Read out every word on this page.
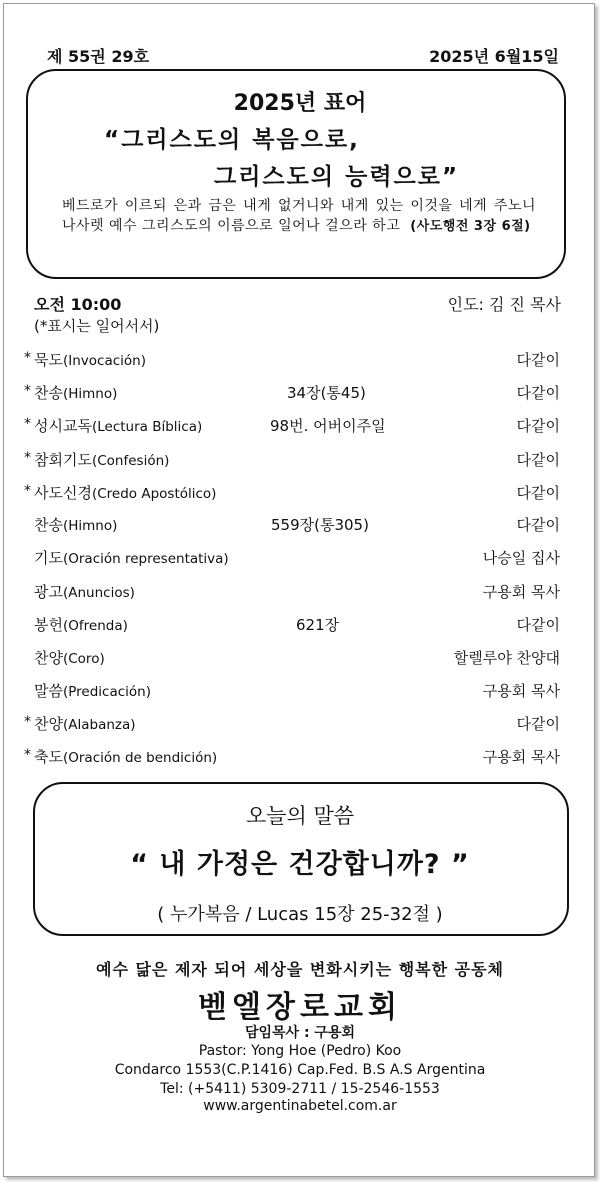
제 55권 29호	2025년 6월15일
2025년 표어
“그리스도의 복음으로,
그리스도의 능력으로”
베드로가 이르되 은과 금은 내게 없거니와 내게 있는 이것을 네게 주노니 나사렛 예수 그리스도의 이름으로 일어나 걸으라 하고 (사도행전 3장 6절)
오전 10:00
(*표시는 일어서서)
인도: 김 진 목사
* 묵도(Invocación)	다같이
* 찬송(Himno)	34장(통45)	다같이
* 성시교독(Lectura Bíblica)	98번. 어버이주일	다같이
* 참회기도(Confesión)	다같이
* 사도신경(Credo Apostólico)	다같이
찬송(Himno)	559장(통305)	다같이
기도(Oración representativa)	나승일 집사
광고(Anuncios)	구용회 목사
봉헌(Ofrenda)	621장	다같이
찬양(Coro)	할렐루야 찬양대
말씀(Predicación)	구용회 목사
* 찬양(Alabanza)	다같이
* 축도(Oración de bendición)	구용회 목사
오늘의 말씀
“ 내 가정은 건강합니까? ”
( 누가복음 / Lucas 15장 25-32절 )
예수 닮은 제자 되어 세상을 변화시키는 행복한 공동체
벧엘장로교회
담임목사 : 구용회
Pastor: Yong Hoe (Pedro) Koo
Condarco 1553(C.P.1416) Cap.Fed. B.S A.S Argentina
Tel: (+5411) 5309-2711 / 15-2546-1553
www.argentinabetel.com.ar
